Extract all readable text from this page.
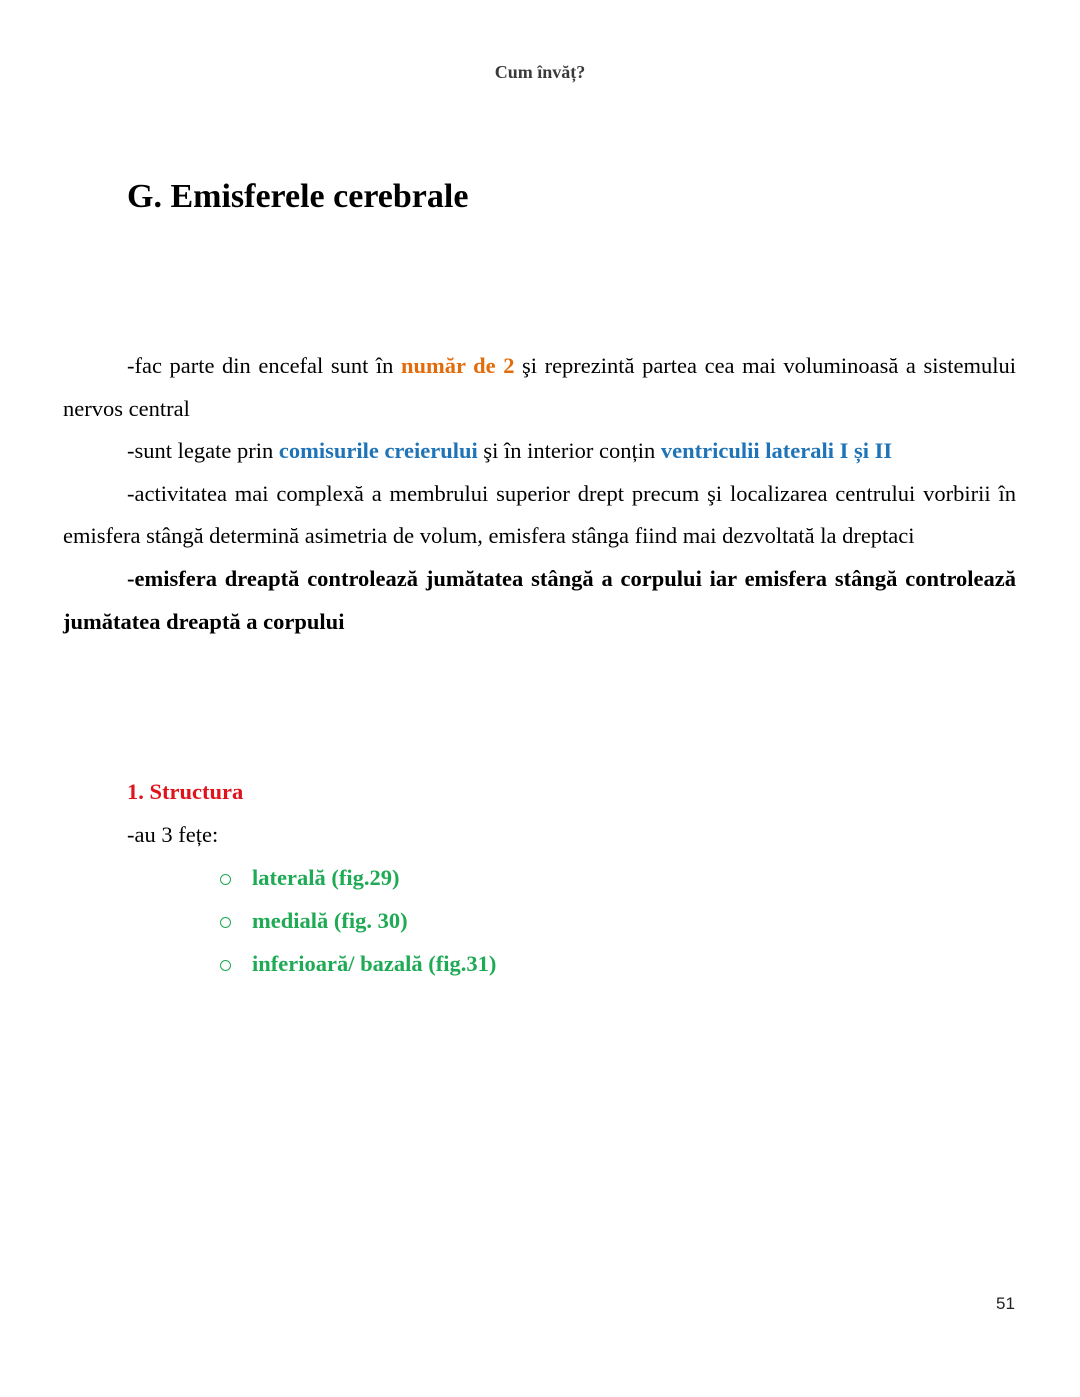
Cum învăț?
G. Emisferele cerebrale

-fac parte din encefal sunt în număr de 2 şi reprezintă partea cea mai voluminoasă a sistemului nervos central

-sunt legate prin comisurile creierului şi în interior conțin ventriculii laterali I și II

-activitatea mai complexă a membrului superior drept precum şi localizarea centrului vorbirii în emisfera stângă determină asimetria de volum, emisfera stânga fiind mai dezvoltată la dreptaci

-emisfera dreaptă controlează jumătatea stângă a corpului iar emisfera stângă controlează jumătatea dreaptă a corpului

1. Structura
-au 3 fețe:
laterală (fig.29)
medială (fig. 30)
inferioară/ bazală (fig.31)
51
